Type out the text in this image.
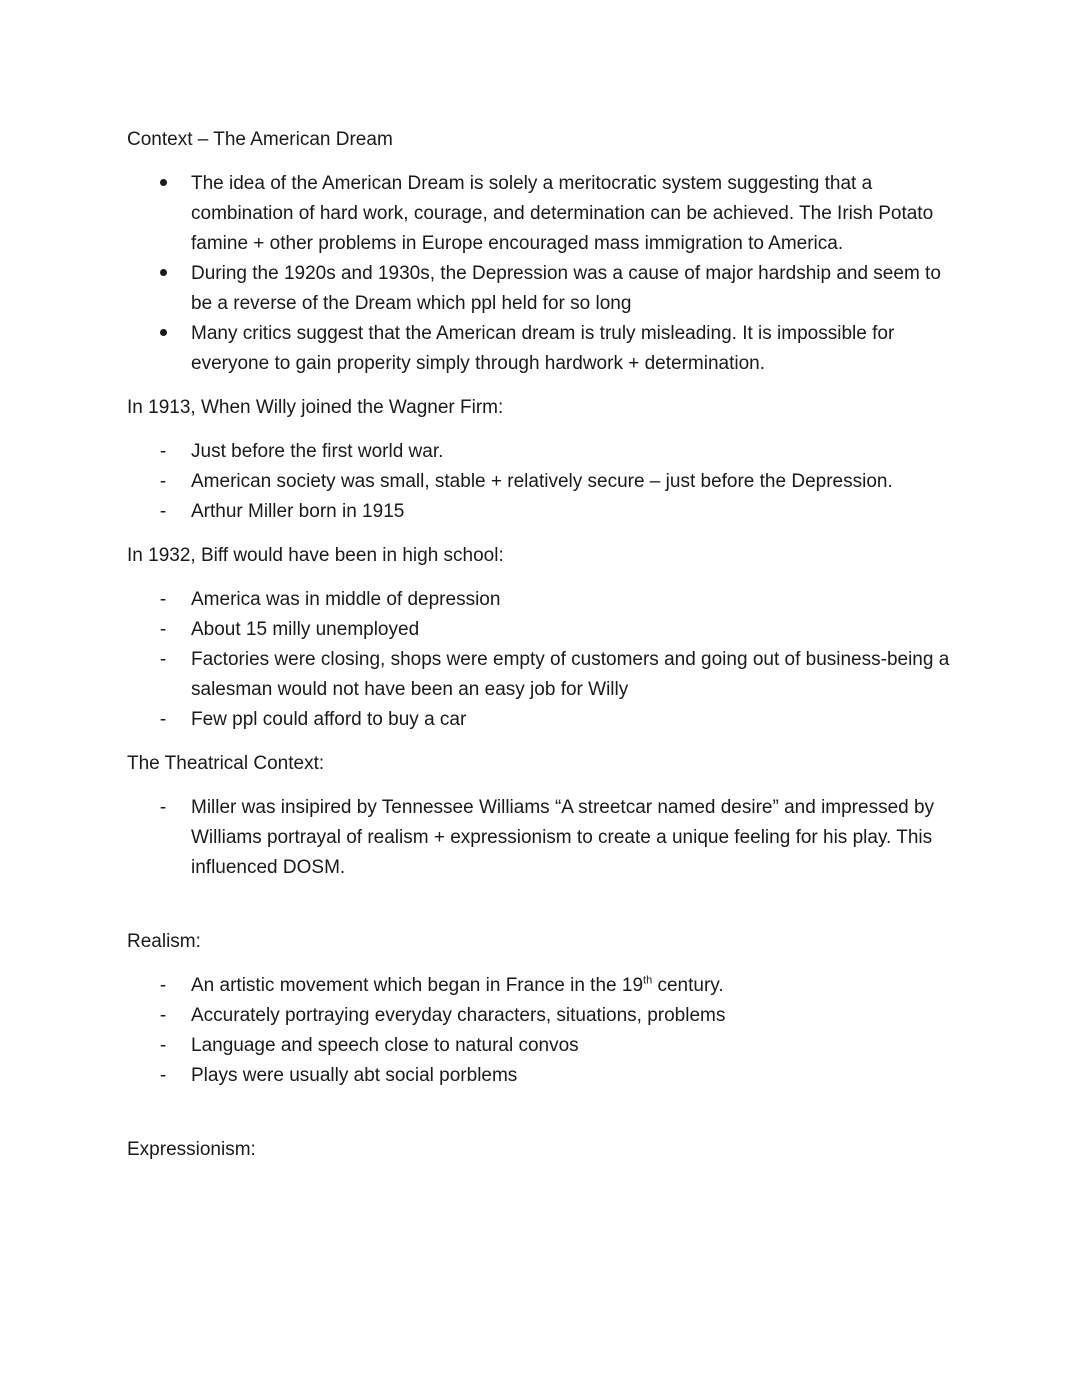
Context – The American Dream

The idea of the American Dream is solely a meritocratic system suggesting that a combination of hard work, courage, and determination can be achieved. The Irish Potato famine + other problems in Europe encouraged mass immigration to America.
During the 1920s and 1930s, the Depression was a cause of major hardship and seem to be a reverse of the Dream which ppl held for so long
Many critics suggest that the American dream is truly misleading. It is impossible for everyone to gain properity simply through hardwork + determination.

In 1913, When Willy joined the Wagner Firm:

- Just before the first world war.
- American society was small, stable + relatively secure – just before the Depression.
- Arthur Miller born in 1915

In 1932, Biff would have been in high school:

- America was in middle of depression
- About 15 milly unemployed
- Factories were closing, shops were empty of customers and going out of business-being a salesman would not have been an easy job for Willy
- Few ppl could afford to buy a car

The Theatrical Context:

- Miller was insipired by Tennessee Williams “A streetcar named desire” and impressed by Williams portrayal of realism + expressionism to create a unique feeling for his play. This influenced DOSM.

Realism:

- An artistic movement which began in France in the 19th century.
- Accurately portraying everyday characters, situations, problems
- Language and speech close to natural convos
- Plays were usually abt social porblems

Expressionism:
